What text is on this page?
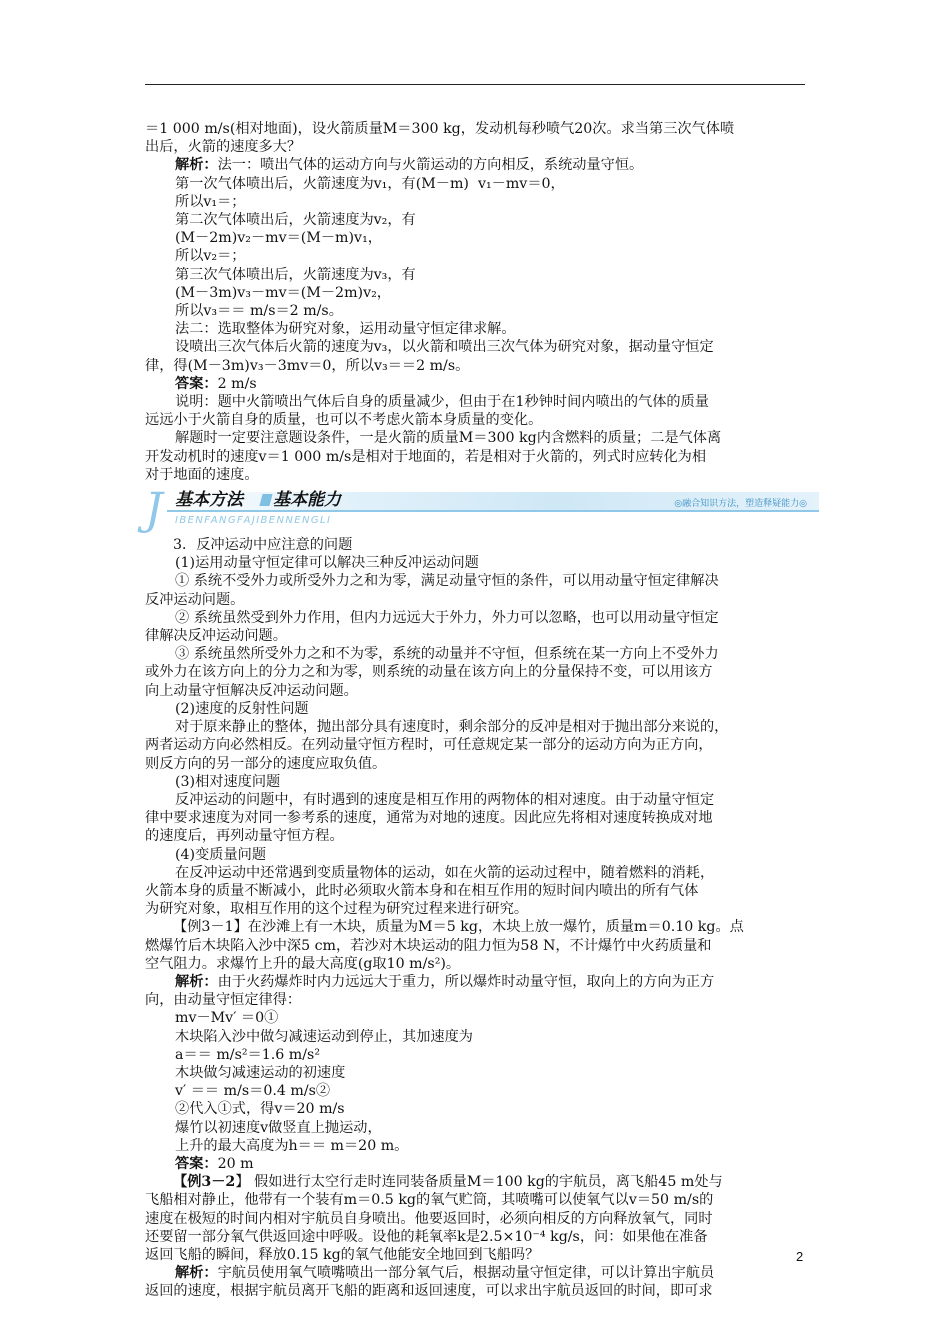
＝1 000 m/s(相对地面)，设火箭质量M＝300 kg，发动机每秒喷气20次。求当第三次气体喷
出后，火箭的速度多大？
解析：法一：喷出气体的运动方向与火箭运动的方向相反，系统动量守恒。
第一次气体喷出后，火箭速度为v₁，有(M－m)  v₁－mv＝0，
所以v₁＝；
第二次气体喷出后，火箭速度为v₂，有
(M－2m)v₂－mv＝(M－m)v₁，
所以v₂＝；
第三次气体喷出后，火箭速度为v₃，有
(M－3m)v₃－mv＝(M－2m)v₂，
所以v₃＝＝ m/s＝2 m/s。
法二：选取整体为研究对象，运用动量守恒定律求解。
设喷出三次气体后火箭的速度为v₃，以火箭和喷出三次气体为研究对象，据动量守恒定
律，得(M－3m)v₃－3mv＝0，所以v₃＝＝2 m/s。
答案：2 m/s
说明：题中火箭喷出气体后自身的质量减少，但由于在1秒钟时间内喷出的气体的质量
远远小于火箭自身的质量，也可以不考虑火箭本身质量的变化。
解题时一定要注意题设条件，一是火箭的质量M＝300 kg内含燃料的质量；二是气体离
开发动机时的速度v＝1 000 m/s是相对于地面的，若是相对于火箭的，列式时应转化为相
对于地面的速度。
J 基本方法 基本能力
IBENFANGFAJIBENNENGLI
◎融合知识方法，塑造释疑能力◎
3．反冲运动中应注意的问题
(1)运用动量守恒定律可以解决三种反冲运动问题
① 系统不受外力或所受外力之和为零，满足动量守恒的条件，可以用动量守恒定律解决
反冲运动问题。
② 系统虽然受到外力作用，但内力远远大于外力，外力可以忽略，也可以用动量守恒定
律解决反冲运动问题。
③ 系统虽然所受外力之和不为零，系统的动量并不守恒，但系统在某一方向上不受外力
或外力在该方向上的分力之和为零，则系统的动量在该方向上的分量保持不变，可以用该方
向上动量守恒解决反冲运动问题。
(2)速度的反射性问题
对于原来静止的整体，抛出部分具有速度时，剩余部分的反冲是相对于抛出部分来说的，
两者运动方向必然相反。在列动量守恒方程时，可任意规定某一部分的运动方向为正方向，
则反方向的另一部分的速度应取负值。
(3)相对速度问题
反冲运动的问题中，有时遇到的速度是相互作用的两物体的相对速度。由于动量守恒定
律中要求速度为对同一参考系的速度，通常为对地的速度。因此应先将相对速度转换成对地
的速度后，再列动量守恒方程。
(4)变质量问题
在反冲运动中还常遇到变质量物体的运动，如在火箭的运动过程中，随着燃料的消耗，
火箭本身的质量不断减小，此时必须取火箭本身和在相互作用的短时间内喷出的所有气体
为研究对象，取相互作用的这个过程为研究过程来进行研究。
【例3－1】在沙滩上有一木块，质量为M＝5 kg，木块上放一爆竹，质量m＝0.10 kg。点
燃爆竹后木块陷入沙中深5 cm，若沙对木块运动的阻力恒为58 N，不计爆竹中火药质量和
空气阻力。求爆竹上升的最大高度(g取10 m/s²)。
解析：由于火药爆炸时内力远远大于重力，所以爆炸时动量守恒，取向上的方向为正方
向，由动量守恒定律得：
mv－Mv′ ＝0①
木块陷入沙中做匀减速运动到停止，其加速度为
a＝＝ m/s²＝1.6 m/s²
木块做匀减速运动的初速度
v′ ＝＝ m/s＝0.4 m/s②
②代入①式，得v＝20 m/s
爆竹以初速度v做竖直上抛运动，
上升的最大高度为h＝＝ m＝20 m。
答案：20 m
【例3－2】 假如进行太空行走时连同装备质量M＝100 kg的宇航员，离飞船45 m处与
飞船相对静止，他带有一个装有m＝0.5 kg的氧气贮筒，其喷嘴可以使氧气以v＝50 m/s的
速度在极短的时间内相对宇航员自身喷出。他要返回时，必须向相反的方向释放氧气，同时
还要留一部分氧气供返回途中呼吸。设他的耗氧率k是2.5×10⁻⁴ kg/s，问：如果他在准备
返回飞船的瞬间，释放0.15 kg的氧气他能安全地回到飞船吗？
解析：宇航员使用氧气喷嘴喷出一部分氧气后，根据动量守恒定律，可以计算出宇航员
返回的速度，根据宇航员离开飞船的距离和返回速度，可以求出宇航员返回的时间，即可求
2
